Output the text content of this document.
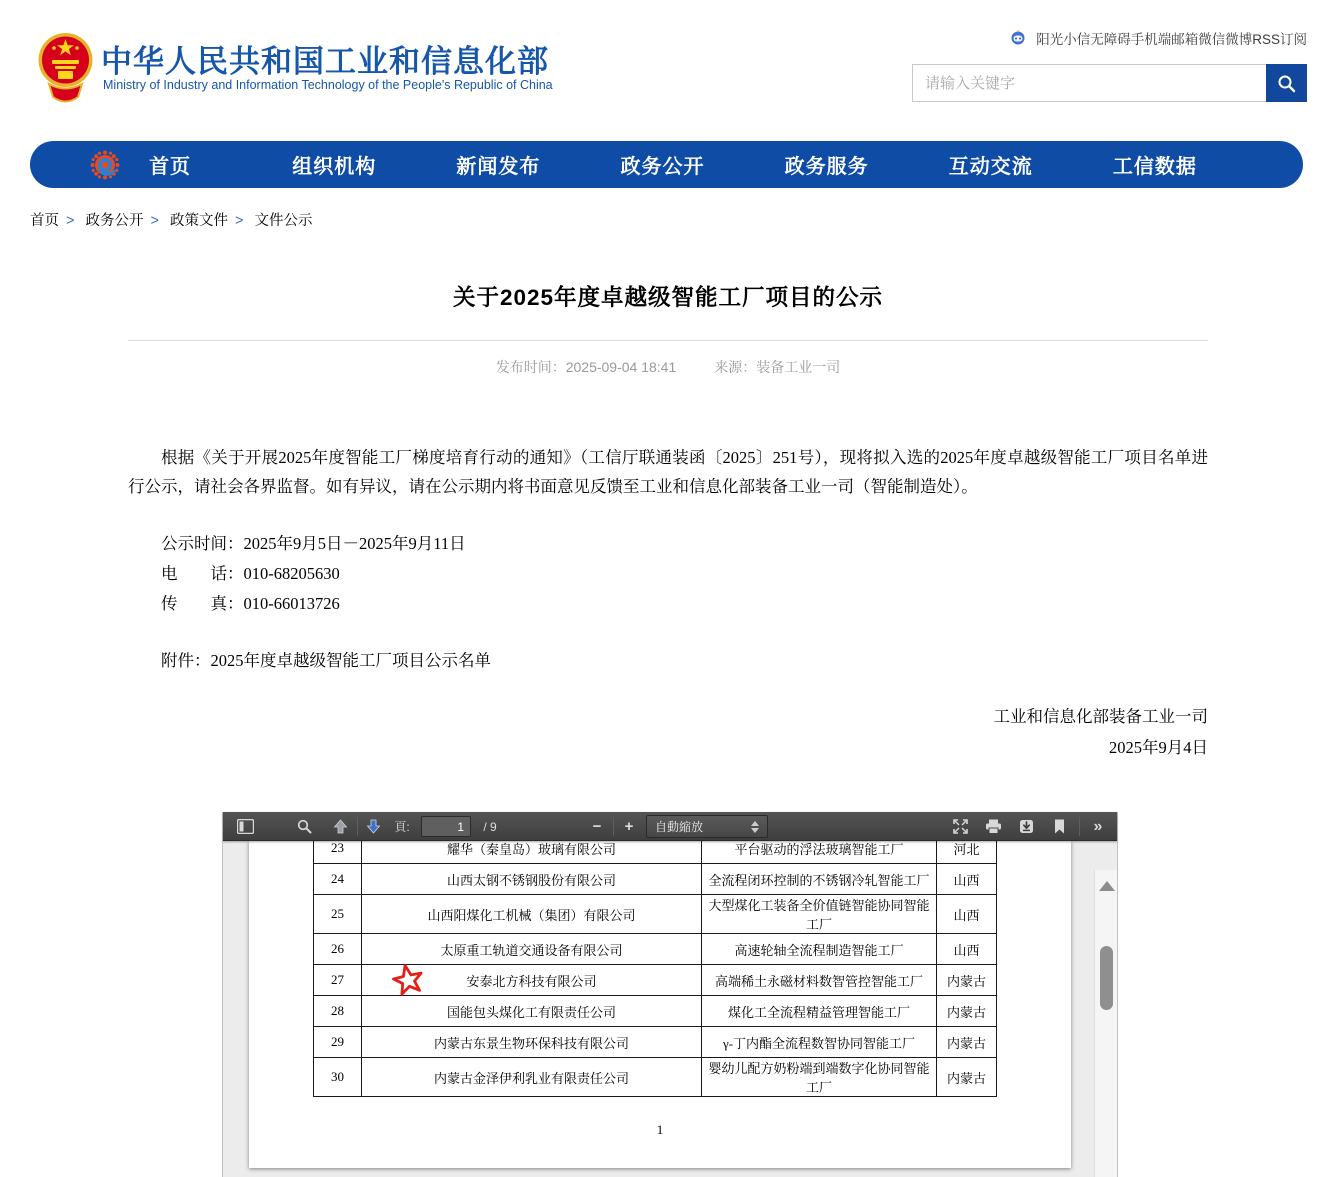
中华人民共和国工业和信息化部
Ministry of Industry and Information Technology of the People's Republic of China
阳光小信无障碍手机端邮箱微信微博RSS订阅
请输入关键字
首页	组织机构	新闻发布	政务公开	政务服务	互动交流	工信数据
首页 > 政务公开 > 政策文件 > 文件公示
关于2025年度卓越级智能工厂项目的公示
发布时间：2025-09-04 18:41	来源：装备工业一司
根据《关于开展2025年度智能工厂梯度培育行动的通知》（工信厅联通装函〔2025〕251号），现将拟入选的2025年度卓越级智能工厂项目名单进行公示，请社会各界监督。如有异议，请在公示期内将书面意见反馈至工业和信息化部装备工业一司（智能制造处）。
公示时间：2025年9月5日－2025年9月11日
电　　话：010-68205630
传　　真：010-66013726
附件：2025年度卓越级智能工厂项目公示名单
工业和信息化部装备工业一司
2025年9月4日
頁:
1	/ 9	− + 自動縮放	»
23	耀华（秦皇岛）玻璃有限公司	平台驱动的浮法玻璃智能工厂	河北
24	山西太钢不锈钢股份有限公司	全流程闭环控制的不锈钢冷轧智能工厂	山西
25	山西阳煤化工机械（集团）有限公司	大型煤化工装备全价值链智能协同智能工厂	山西
26	太原重工轨道交通设备有限公司	高速轮轴全流程制造智能工厂	山西
27	安泰北方科技有限公司	高端稀土永磁材料数智管控智能工厂	内蒙古
28	国能包头煤化工有限责任公司	煤化工全流程精益管理智能工厂	内蒙古
29	内蒙古东景生物环保科技有限公司	γ-丁内酯全流程数智协同智能工厂	内蒙古
30	内蒙古金泽伊利乳业有限责任公司	婴幼儿配方奶粉端到端数字化协同智能工厂	内蒙古
1
